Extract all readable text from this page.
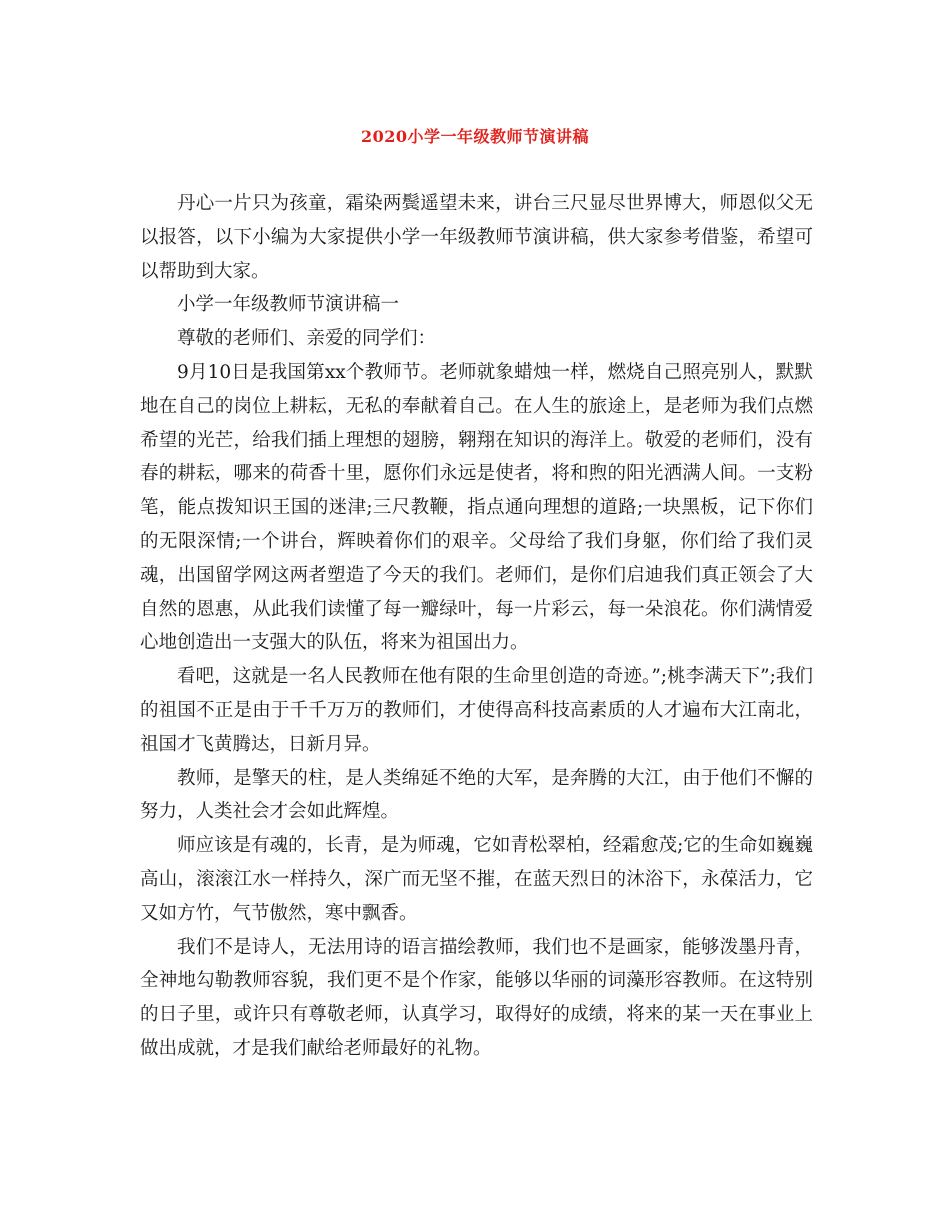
2020小学一年级教师节演讲稿

丹心一片只为孩童，霜染两鬓遥望未来，讲台三尺显尽世界博大，师恩似父无以报答，以下小编为大家提供小学一年级教师节演讲稿，供大家参考借鉴，希望可以帮助到大家。

小学一年级教师节演讲稿一

尊敬的老师们、亲爱的同学们：

9月10日是我国第xx个教师节。老师就象蜡烛一样，燃烧自己照亮别人，默默地在自己的岗位上耕耘，无私的奉献着自己。在人生的旅途上，是老师为我们点燃希望的光芒，给我们插上理想的翅膀，翱翔在知识的海洋上。敬爱的老师们，没有春的耕耘，哪来的荷香十里，愿你们永远是使者，将和煦的阳光洒满人间。一支粉笔，能点拨知识王国的迷津;三尺教鞭，指点通向理想的道路;一块黑板，记下你们的无限深情;一个讲台，辉映着你们的艰辛。父母给了我们身躯，你们给了我们灵魂，出国留学网这两者塑造了今天的我们。老师们，是你们启迪我们真正领会了大自然的恩惠，从此我们读懂了每一瓣绿叶，每一片彩云，每一朵浪花。你们满情爱心地创造出一支强大的队伍，将来为祖国出力。

看吧，这就是一名人民教师在他有限的生命里创造的奇迹。”;桃李满天下”;我们的祖国不正是由于千千万万的教师们，才使得高科技高素质的人才遍布大江南北，祖国才飞黄腾达，日新月异。

教师，是擎天的柱，是人类绵延不绝的大军，是奔腾的大江，由于他们不懈的努力，人类社会才会如此辉煌。

师应该是有魂的，长青，是为师魂，它如青松翠柏，经霜愈茂;它的生命如巍巍高山，滚滚江水一样持久，深广而无坚不摧，在蓝天烈日的沐浴下，永葆活力，它又如方竹，气节傲然，寒中飘香。

我们不是诗人，无法用诗的语言描绘教师，我们也不是画家，能够泼墨丹青，全神地勾勒教师容貌，我们更不是个作家，能够以华丽的词藻形容教师。在这特别的日子里，或许只有尊敬老师，认真学习，取得好的成绩，将来的某一天在事业上做出成就，才是我们献给老师最好的礼物。
